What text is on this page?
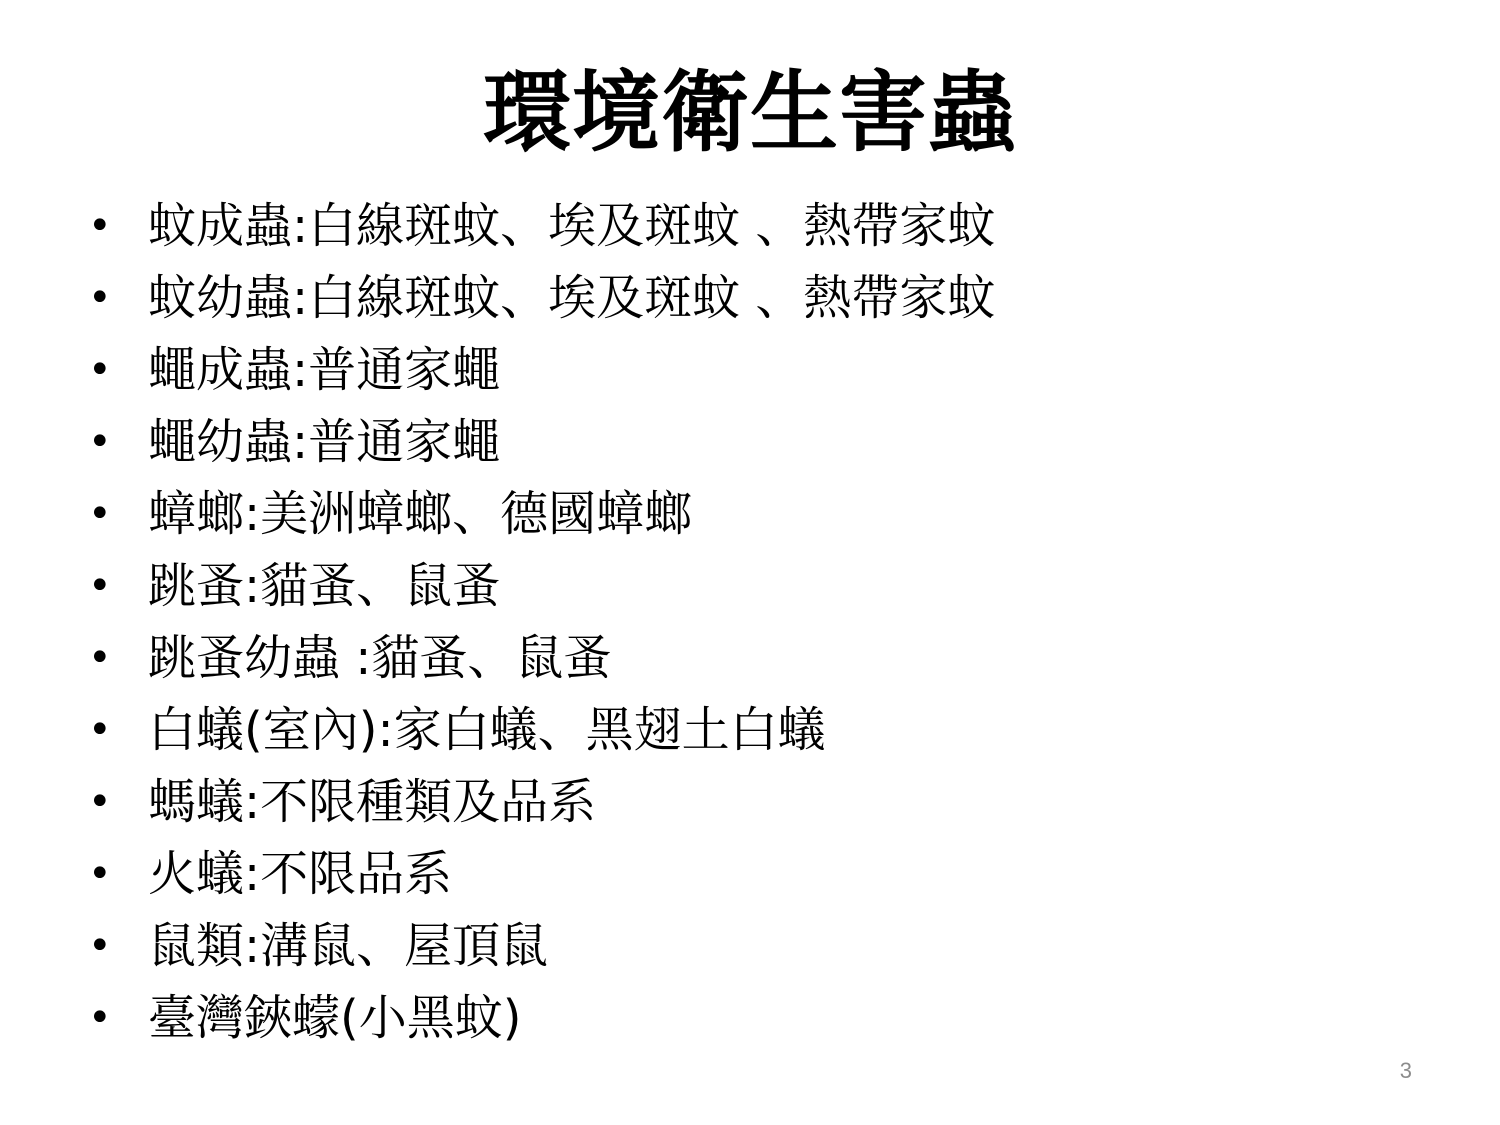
環境衛生害蟲
• 蚊成蟲:白線斑蚊、埃及斑蚊 、熱帶家蚊
• 蚊幼蟲:白線斑蚊、埃及斑蚊 、熱帶家蚊
• 蠅成蟲:普通家蠅
• 蠅幼蟲:普通家蠅
• 蟑螂:美洲蟑螂、德國蟑螂
• 跳蚤:貓蚤、鼠蚤
• 跳蚤幼蟲 :貓蚤、鼠蚤
• 白蟻(室內):家白蟻、黑翅土白蟻
• 螞蟻:不限種類及品系
• 火蟻:不限品系
• 鼠類:溝鼠、屋頂鼠
• 臺灣鋏蠓(小黑蚊)
3
